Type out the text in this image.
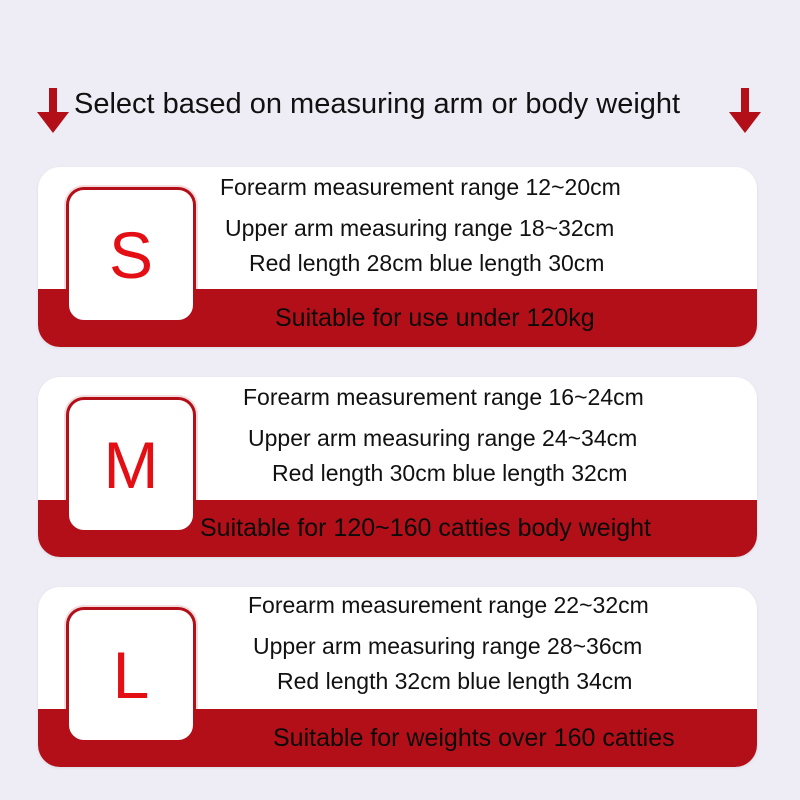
Select based on measuring arm or body weight
S
Forearm measurement range 12~20cm
Upper arm measuring range 18~32cm
Red length 28cm blue length 30cm
Suitable for use under 120kg
M
Forearm measurement range 16~24cm
Upper arm measuring range 24~34cm
Red length 30cm blue length 32cm
Suitable for 120~160 catties body weight
L
Forearm measurement range 22~32cm
Upper arm measuring range 28~36cm
Red length 32cm blue length 34cm
Suitable for weights over 160 catties
